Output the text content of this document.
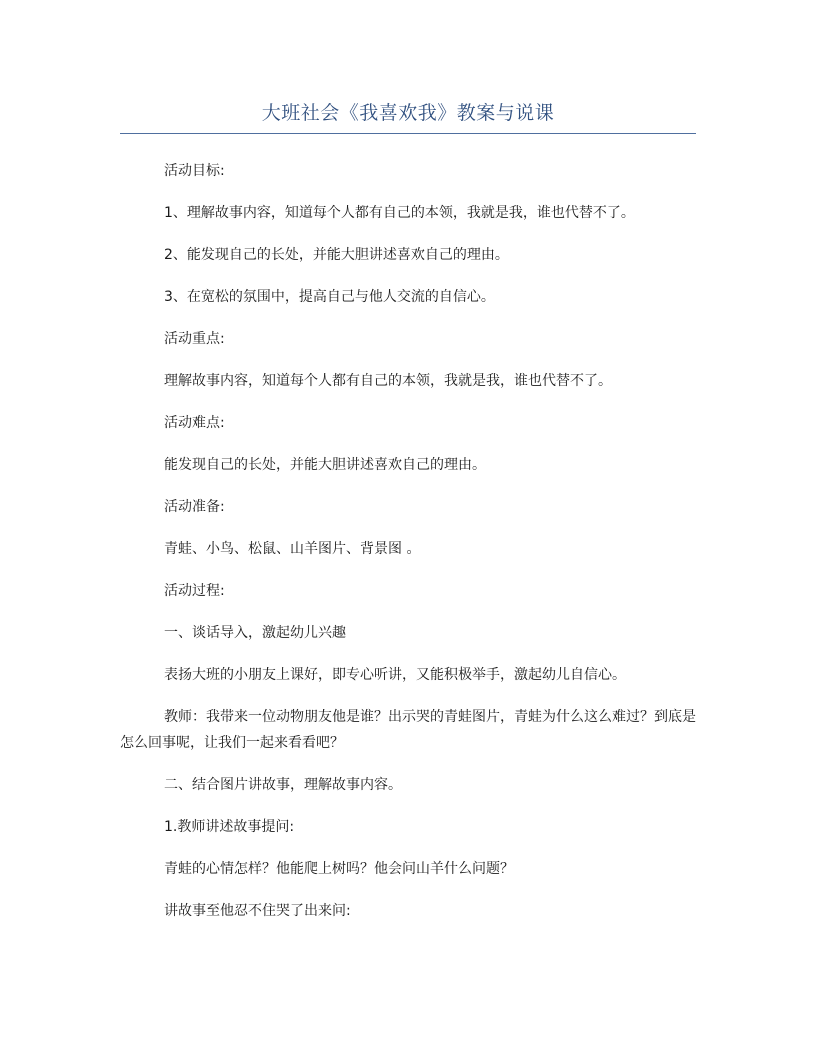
大班社会《我喜欢我》教案与说课

活动目标:

1、理解故事内容，知道每个人都有自己的本领，我就是我，谁也代替不了。

2、能发现自己的长处，并能大胆讲述喜欢自己的理由。

3、在宽松的氛围中，提高自己与他人交流的自信心。

活动重点:

理解故事内容，知道每个人都有自己的本领，我就是我，谁也代替不了。

活动难点:

能发现自己的长处，并能大胆讲述喜欢自己的理由。

活动准备:

青蛙、小鸟、松鼠、山羊图片、背景图 。

活动过程:

一、谈话导入，激起幼儿兴趣

表扬大班的小朋友上课好，即专心听讲，又能积极举手，激起幼儿自信心。

教师：我带来一位动物朋友他是谁？出示哭的青蛙图片，青蛙为什么这么难过？到底是怎么回事呢，让我们一起来看看吧？

二、结合图片讲故事，理解故事内容。

1.教师讲述故事提问:

青蛙的心情怎样？他能爬上树吗？他会问山羊什么问题？

讲故事至他忍不住哭了出来问:
